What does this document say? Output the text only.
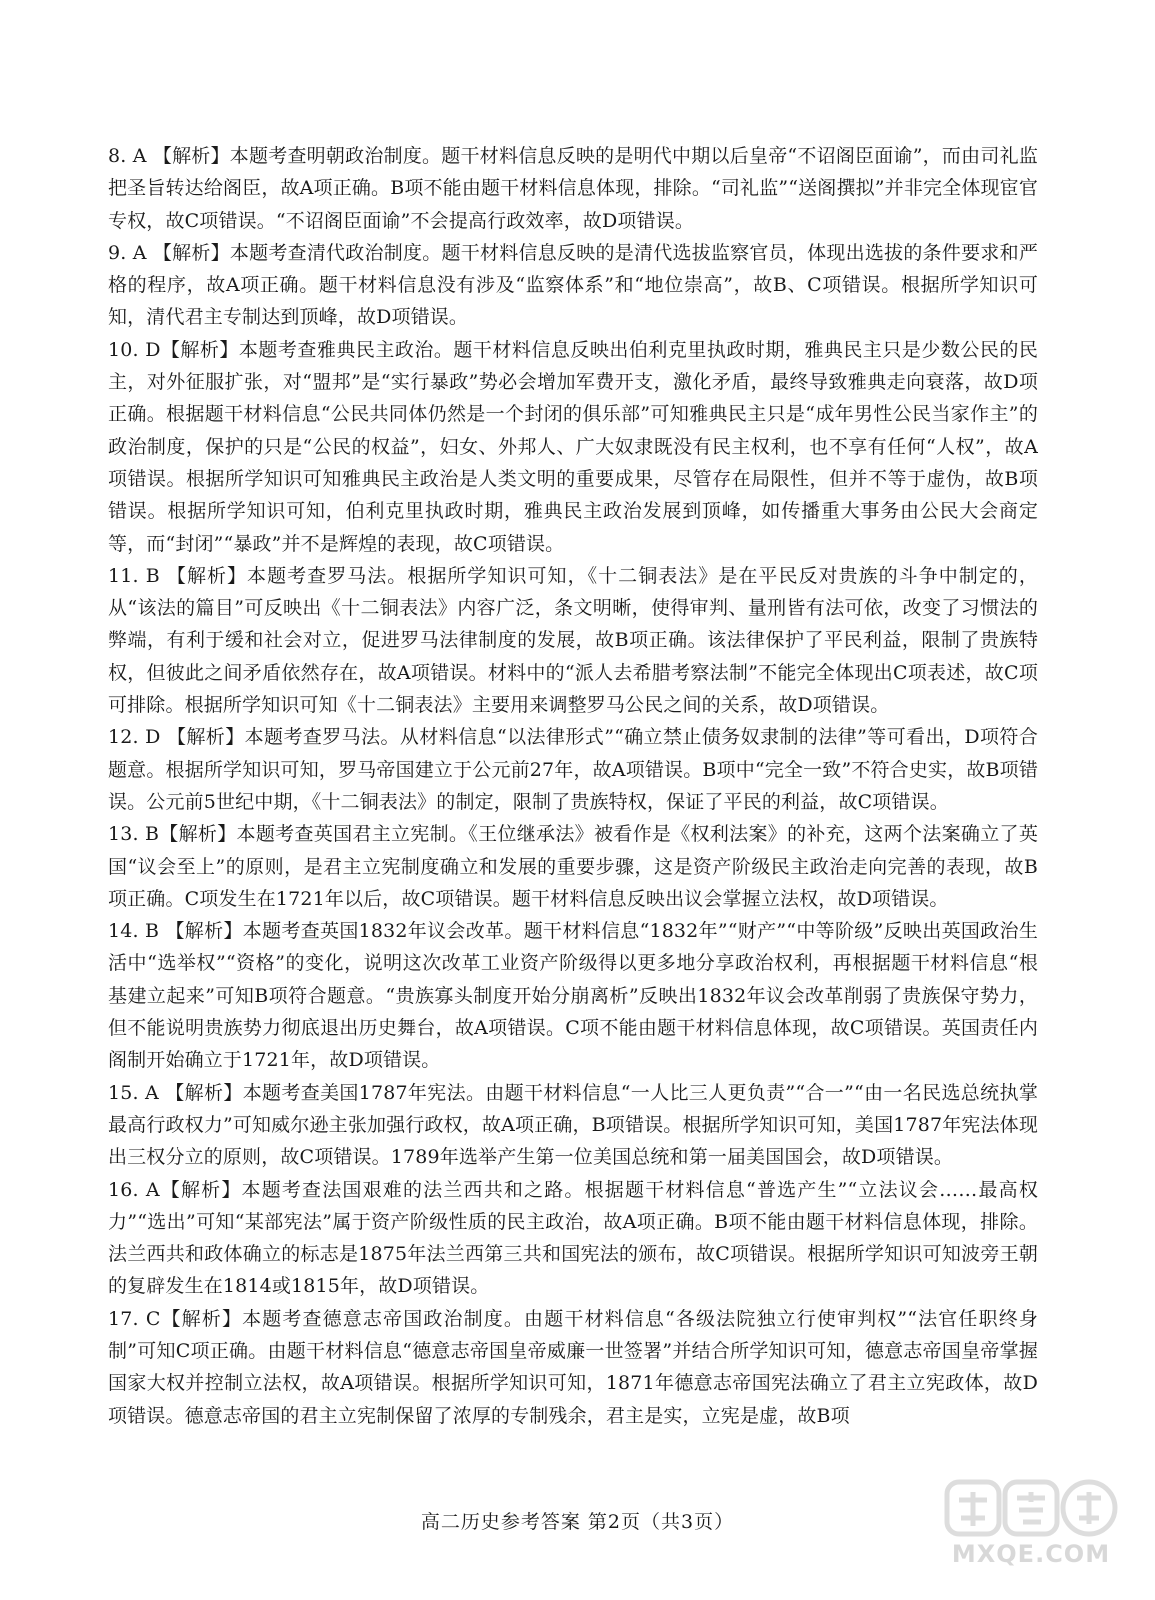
8. A 【解析】本题考查明朝政治制度。题干材料信息反映的是明代中期以后皇帝“不诏阁臣面谕”，而由司礼监把圣旨转达给阁臣，故A项正确。B项不能由题干材料信息体现，排除。“司礼监”“送阁撰拟”并非完全体现宦官专权，故C项错误。“不诏阁臣面谕”不会提高行政效率，故D项错误。

9. A 【解析】本题考查清代政治制度。题干材料信息反映的是清代选拔监察官员，体现出选拔的条件要求和严格的程序，故A项正确。题干材料信息没有涉及“监察体系”和“地位崇高”，故B、C项错误。根据所学知识可知，清代君主专制达到顶峰，故D项错误。

10. D【解析】本题考查雅典民主政治。题干材料信息反映出伯利克里执政时期，雅典民主只是少数公民的民主，对外征服扩张，对“盟邦”是“实行暴政”势必会增加军费开支，激化矛盾，最终导致雅典走向衰落，故D项正确。根据题干材料信息“公民共同体仍然是一个封闭的俱乐部”可知雅典民主只是“成年男性公民当家作主”的政治制度，保护的只是“公民的权益”，妇女、外邦人、广大奴隶既没有民主权利，也不享有任何“人权”，故A项错误。根据所学知识可知雅典民主政治是人类文明的重要成果，尽管存在局限性，但并不等于虚伪，故B项错误。根据所学知识可知，伯利克里执政时期，雅典民主政治发展到顶峰，如传播重大事务由公民大会商定等，而“封闭”“暴政”并不是辉煌的表现，故C项错误。

11. B 【解析】本题考查罗马法。根据所学知识可知，《十二铜表法》是在平民反对贵族的斗争中制定的，从“该法的篇目”可反映出《十二铜表法》内容广泛，条文明晰，使得审判、量刑皆有法可依，改变了习惯法的弊端，有利于缓和社会对立，促进罗马法律制度的发展，故B项正确。该法律保护了平民利益，限制了贵族特权，但彼此之间矛盾依然存在，故A项错误。材料中的“派人去希腊考察法制”不能完全体现出C项表述，故C项可排除。根据所学知识可知《十二铜表法》主要用来调整罗马公民之间的关系，故D项错误。

12. D 【解析】本题考查罗马法。从材料信息“以法律形式”“确立禁止债务奴隶制的法律”等可看出，D项符合题意。根据所学知识可知，罗马帝国建立于公元前27年，故A项错误。B项中“完全一致”不符合史实，故B项错误。公元前5世纪中期，《十二铜表法》的制定，限制了贵族特权，保证了平民的利益，故C项错误。

13. B【解析】本题考查英国君主立宪制。《王位继承法》被看作是《权利法案》的补充，这两个法案确立了英国“议会至上”的原则，是君主立宪制度确立和发展的重要步骤，这是资产阶级民主政治走向完善的表现，故B项正确。C项发生在1721年以后，故C项错误。题干材料信息反映出议会掌握立法权，故D项错误。

14. B 【解析】本题考查英国1832年议会改革。题干材料信息“1832年”“财产”“中等阶级”反映出英国政治生活中“选举权”“资格”的变化，说明这次改革工业资产阶级得以更多地分享政治权利，再根据题干材料信息“根基建立起来”可知B项符合题意。“贵族寡头制度开始分崩离析”反映出1832年议会改革削弱了贵族保守势力，但不能说明贵族势力彻底退出历史舞台，故A项错误。C项不能由题干材料信息体现，故C项错误。英国责任内阁制开始确立于1721年，故D项错误。

15. A 【解析】本题考查美国1787年宪法。由题干材料信息“一人比三人更负责”“合一”“由一名民选总统执掌最高行政权力”可知威尔逊主张加强行政权，故A项正确，B项错误。根据所学知识可知，美国1787年宪法体现出三权分立的原则，故C项错误。1789年选举产生第一位美国总统和第一届美国国会，故D项错误。

16. A【解析】本题考查法国艰难的法兰西共和之路。根据题干材料信息“普选产生”“立法议会……最高权力”“选出”可知“某部宪法”属于资产阶级性质的民主政治，故A项正确。B项不能由题干材料信息体现，排除。法兰西共和政体确立的标志是1875年法兰西第三共和国宪法的颁布，故C项错误。根据所学知识可知波旁王朝的复辟发生在1814或1815年，故D项错误。

17. C【解析】本题考查德意志帝国政治制度。由题干材料信息“各级法院独立行使审判权”“法官任职终身制”可知C项正确。由题干材料信息“德意志帝国皇帝威廉一世签署”并结合所学知识可知，德意志帝国皇帝掌握国家大权并控制立法权，故A项错误。根据所学知识可知，1871年德意志帝国宪法确立了君主立宪政体，故D项错误。德意志帝国的君主立宪制保留了浓厚的专制残余，君主是实，立宪是虚，故B项

高二历史参考答案 第2页（共3页）
MXQE.COM
